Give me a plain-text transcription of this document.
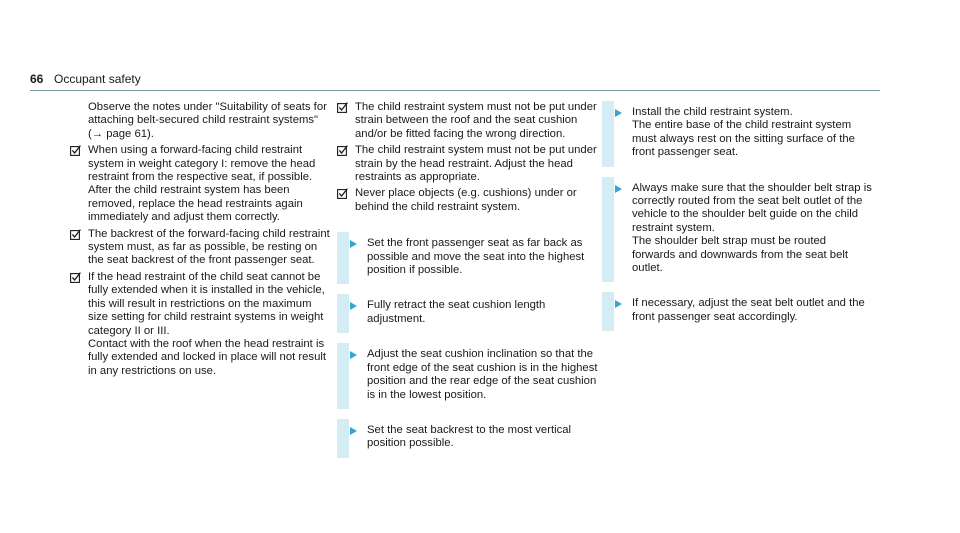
66 Occupant safety

Observe the notes under "Suitability of seats for attaching belt-secured child restraint systems" (→ page 61).

When using a forward-facing child restraint system in weight category I: remove the head restraint from the respective seat, if possible.

After the child restraint system has been removed, replace the head restraints again immediately and adjust them correctly.

The backrest of the forward-facing child restraint system must, as far as possible, be resting on the seat backrest of the front passenger seat.

If the head restraint of the child seat cannot be fully extended when it is installed in the vehicle, this will result in restrictions on the maximum size setting for child restraint systems in weight category II or III.

Contact with the roof when the head restraint is fully extended and locked in place will not result in any restrictions on use.

The child restraint system must not be put under strain between the roof and the seat cushion and/or be fitted facing the wrong direction.

The child restraint system must not be put under strain by the head restraint. Adjust the head restraints as appropriate.

Never place objects (e.g. cushions) under or behind the child restraint system.

Set the front passenger seat as far back as possible and move the seat into the highest position if possible.

Fully retract the seat cushion length adjustment.

Adjust the seat cushion inclination so that the front edge of the seat cushion is in the highest position and the rear edge of the seat cushion is in the lowest position.

Set the seat backrest to the most vertical position possible.

Install the child restraint system.

The entire base of the child restraint system must always rest on the sitting surface of the front passenger seat.

Always make sure that the shoulder belt strap is correctly routed from the seat belt outlet of the vehicle to the shoulder belt guide on the child restraint system.

The shoulder belt strap must be routed forwards and downwards from the seat belt outlet.

If necessary, adjust the seat belt outlet and the front passenger seat accordingly.
